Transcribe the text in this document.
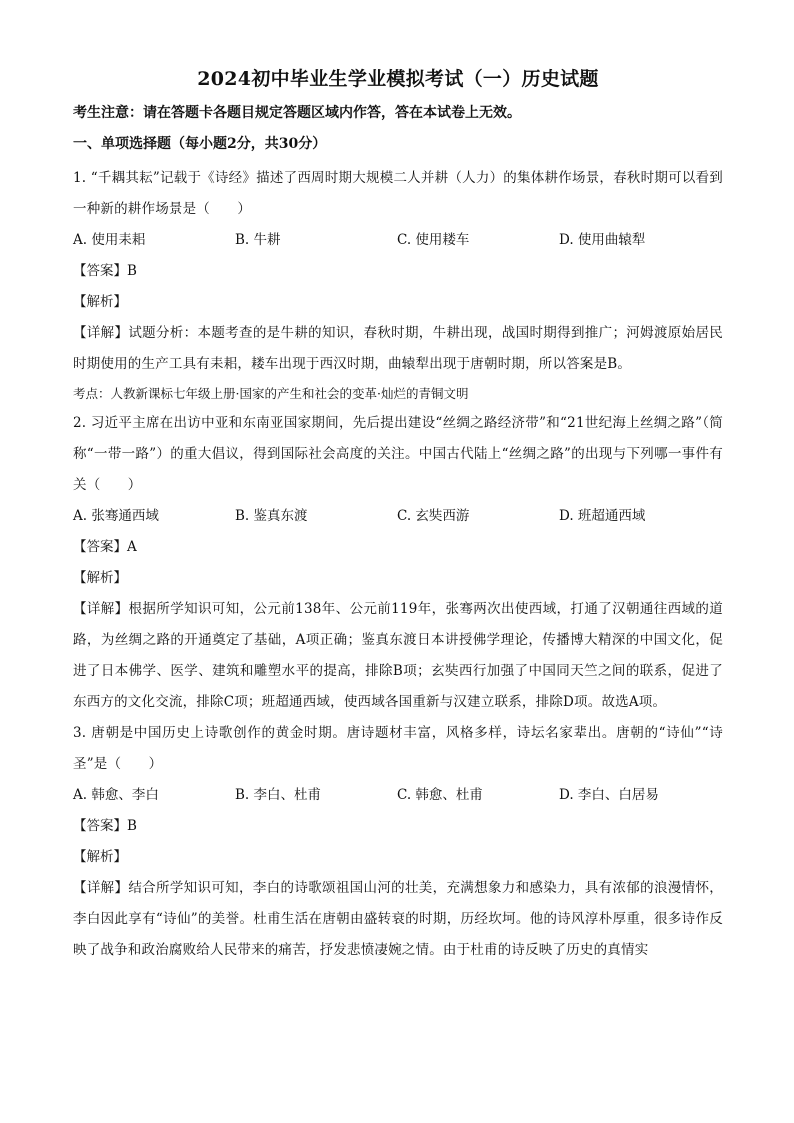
2024初中毕业生学业模拟考试（一）历史试题
考生注意：请在答题卡各题目规定答题区域内作答，答在本试卷上无效。
一、单项选择题（每小题2分，共30分）

1. “千耦其耘”记载于《诗经》描述了西周时期大规模二人并耕（人力）的集体耕作场景，春秋时期可以看到一种新的耕作场景是（　　）

A. 使用耒耜	B. 牛耕	C. 使用耧车	D. 使用曲辕犁

【答案】B

【解析】

【详解】试题分析：本题考查的是牛耕的知识，春秋时期，牛耕出现，战国时期得到推广；河姆渡原始居民时期使用的生产工具有耒耜，耧车出现于西汉时期，曲辕犁出现于唐朝时期，所以答案是B。

考点：人教新课标七年级上册·国家的产生和社会的变革·灿烂的青铜文明

2. 习近平主席在出访中亚和东南亚国家期间，先后提出建设“丝绸之路经济带”和“21世纪海上丝绸之路”（简称“一带一路”）的重大倡议，得到国际社会高度的关注。中国古代陆上“丝绸之路”的出现与下列哪一事件有关（　　）

A. 张骞通西域	B. 鉴真东渡	C. 玄奘西游	D. 班超通西域

【答案】A

【解析】

【详解】根据所学知识可知，公元前138年、公元前119年，张骞两次出使西域，打通了汉朝通往西域的道路，为丝绸之路的开通奠定了基础，A项正确；鉴真东渡日本讲授佛学理论，传播博大精深的中国文化，促进了日本佛学、医学、建筑和雕塑水平的提高，排除B项；玄奘西行加强了中国同天竺之间的联系，促进了东西方的文化交流，排除C项；班超通西域，使西域各国重新与汉建立联系，排除D项。故选A项。

3. 唐朝是中国历史上诗歌创作的黄金时期。唐诗题材丰富，风格多样，诗坛名家辈出。唐朝的“诗仙”“诗圣”是（　　）

A. 韩愈、李白	B. 李白、杜甫	C. 韩愈、杜甫	D. 李白、白居易

【答案】B

【解析】

【详解】结合所学知识可知，李白的诗歌颂祖国山河的壮美，充满想象力和感染力，具有浓郁的浪漫情怀，李白因此享有“诗仙”的美誉。杜甫生活在唐朝由盛转衰的时期，历经坎坷。他的诗风淳朴厚重，很多诗作反映了战争和政治腐败给人民带来的痛苦，抒发悲愤凄婉之情。由于杜甫的诗反映了历史的真情实
